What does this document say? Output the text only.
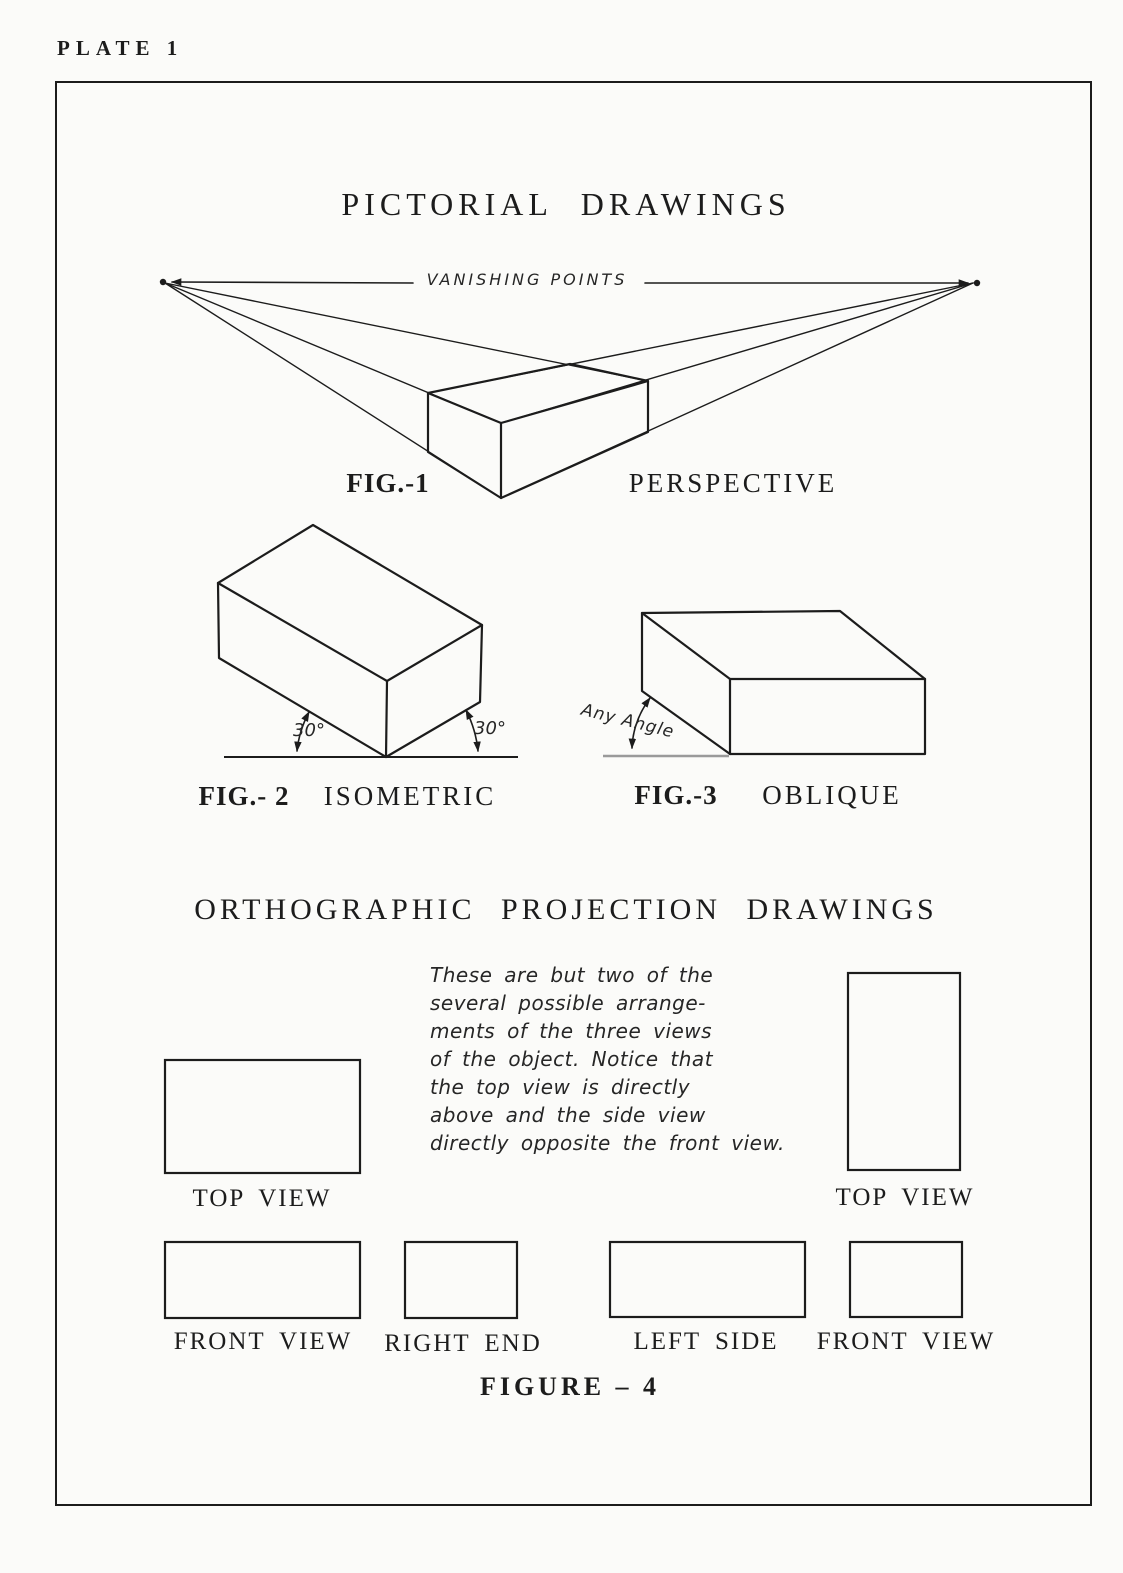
PLATE 1
PICTORIAL DRAWINGS
VANISHING POINTS
FIG.-1	PERSPECTIVE
30°	30°
FIG.- 2 ISOMETRIC
Any Angle
FIG.-3 OBLIQUE
ORTHOGRAPHIC PROJECTION DRAWINGS
These are but two of the
several possible arrange-
ments of the three views
of the object. Notice that
the top view is directly
above and the side view
directly opposite the front view.
TOP VIEW	TOP VIEW
FRONT VIEW RIGHT END	LEFT SIDE FRONT VIEW
FIGURE – 4
